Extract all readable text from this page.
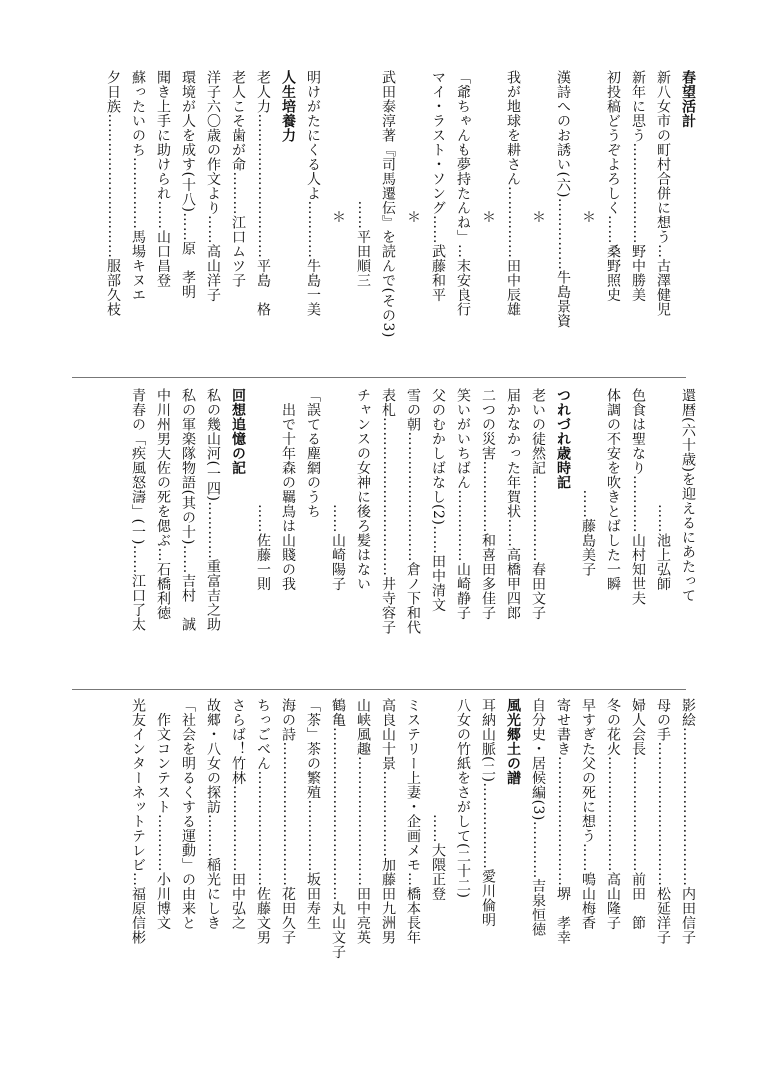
春望活計
新八女市の町村合併に想う…古澤健児
新年に思う…………………野中勝美
初投稿どうぞよろしく……桑野照史
＊
漢詩へのお誘い(六)……………牛島景資
＊
我が地球を耕さん……………田中辰雄
＊
「爺ちゃんも夢持たんね」…末安良行
マイ・ラスト・ソング……武藤和平
＊
武田泰淳著『司馬遷伝』を読んで(その3)
　　　　　　　　　……平田順三
＊
明けがたにくる人よ…………牛島一美
人生培養力
老人力…………………………平島　格
老人こそ歯が命………江口ムツ子
洋子六〇歳の作文より……高山洋子
環境が人を成す(十八)……原　孝明
聞き上手に助けられ……山口昌登
蘇ったいのち……………馬場キヌエ
夕日族…………………………服部久枝
還暦(六十歳)を迎えるにあたって
　　　　　　　　……池上弘師
色食は聖なり…………山村知世夫
体調の不安を吹きとばした一瞬
　　　　　　　……藤島美子
つれづれ歳時記
老いの徒然記………………春田文子
届かなかった年賀状……高橋甲四郎
二つの災害……………和喜田多佳子
笑いがいちばん……………山崎静子
父のむかしばなし(2)……田中清文
雪の朝………………………倉ノ下和代
表札……………………………井寺容子
チャンスの女神に後ろ髪はない
　　　　　　　　……山崎陽子
「誤てる塵網のうち
　出で十年森の羈鳥は山賤の我
　　　　　　　　……佐藤一則
回想追憶の記
私の幾山河(一四)…………重富吉之助
私の軍楽隊物語(其の十)……吉村　誠
中川州男大佐の死を偲ぶ…石橋利徳
青春の「疾風怒濤」(一)……江口了太
影絵……………………………内田信子
母の手…………………………松延洋子
婦人会長……………………前田　節
冬の花火……………………高山隆子
早すぎた父の死に想う……鳴山梅香
寄せ書き………………………堺　孝幸
自分史・居候編(3)…………吉泉恒徳
風光郷土の譜
耳納山脈(二)………………愛川倫明
八女の竹紙をさがして(二十二)
　　　　　　　　……大隈正登
ミステリー上妻・企画メモ…橋本長年
高良山十景………………加藤田九洲男
山峡風趣………………………田中亮英
鶴亀………………………………丸山文子
「茶」茶の繁殖……………坂田寿生
海の詩…………………………花田久子
ちっごべん……………………佐藤文男
さらば！竹林………………田中弘之
故郷・八女の探訪………稲光にしき
「社会を明るくする運動」の由来と
　作文コンテスト…………小川博文
光友インターネットテレビ…福原信彬
